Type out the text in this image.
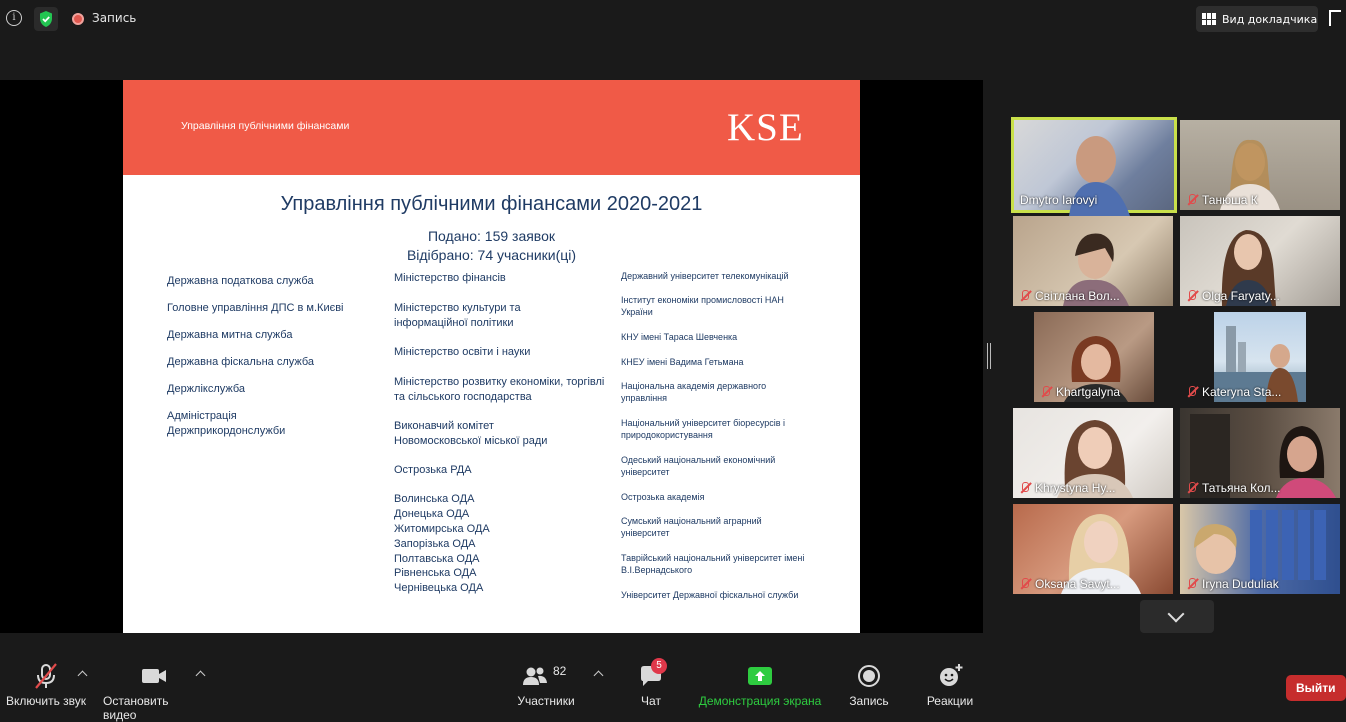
i	Запись	Вид докладчика
Управління публічними фінансами	KSE
Управління публічними фінансами 2020-2021
Подано: 159 заявок
Відібрано: 74 учасники(ці)
Державна податкова служба
Головне управління ДПС в м.Києві
Державна митна служба
Державна фіскальна служба
Держлікслужба
Адміністрація Держприкордонслужби
Міністерство фінансів
Міністерство культури та інформаційної політики
Міністерство освіти і науки
Міністерство розвитку економіки, торгівлі та сільського господарства
Виконавчий комітет Новомосковської міської ради
Острозька РДА
Волинська ОДА
Донецька ОДА
Житомирська ОДА
Запорізька ОДА
Полтавська ОДА
Рівненська ОДА
Чернівецька ОДА
Державний університет телекомунікацій
Інститут економіки промисловості НАН України
КНУ імені Тараса Шевченка
КНЕУ імені Вадима Гетьмана
Національна академія державного управління
Національний університет біоресурсів і природокористування
Одеський національний економічний університет
Острозька академія
Сумський національний аграрний університет
Таврійський національний університет імені В.І.Вернадського
Університет Державної фіскальної служби
Dmytro Iarovyi	Танюша К
Світлана Вол...	Olga Faryaty...
Khartgalyna	Kateryna Sta...
Khrystyna Hy...	Татьяна Кол...
Oksana Savyt...	Iryna Duduliak
Включить звук Остановить видео
82
Участники
5
Чат	Демонстрация экрана Запись	Реакции
Выйти
